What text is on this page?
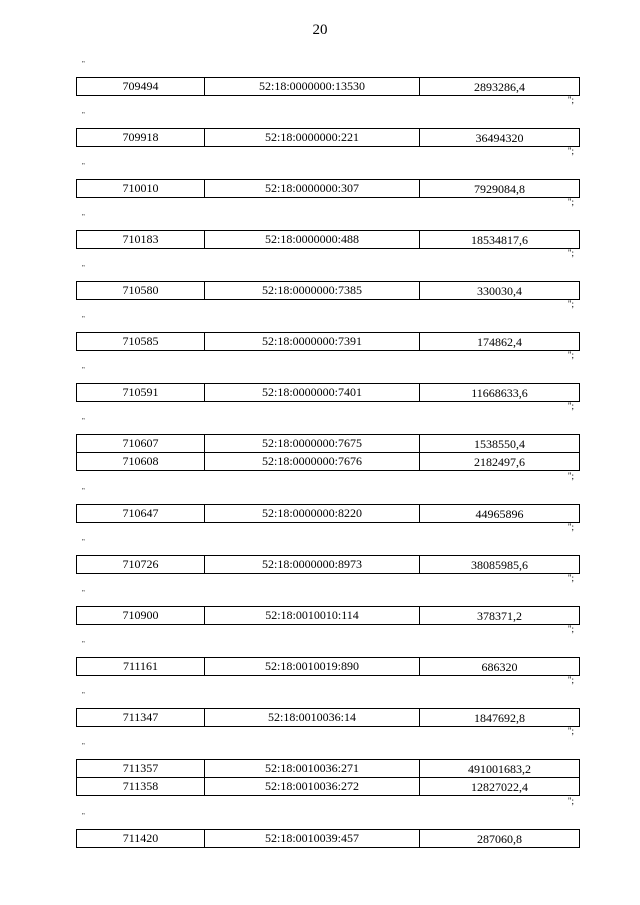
20
"
709494	52:18:0000000:13530	2893286,4
";
"
709918	52:18:0000000:221	36494320
";
"
710010	52:18:0000000:307	7929084,8
";
"
710183	52:18:0000000:488	18534817,6
";
"
710580	52:18:0000000:7385	330030,4
";
"
710585	52:18:0000000:7391	174862,4
";
"
710591	52:18:0000000:7401	11668633,6
";
"
710607	52:18:0000000:7675	1538550,4
710608	52:18:0000000:7676	2182497,6
";
"
710647	52:18:0000000:8220	44965896
";
"
710726	52:18:0000000:8973	38085985,6
";
"
710900	52:18:0010010:114	378371,2
";
"
711161	52:18:0010019:890	686320
";
"
711347	52:18:0010036:14	1847692,8
";
"
711357	52:18:0010036:271	491001683,2
711358	52:18:0010036:272	12827022,4
";
"
711420	52:18:0010039:457	287060,8
